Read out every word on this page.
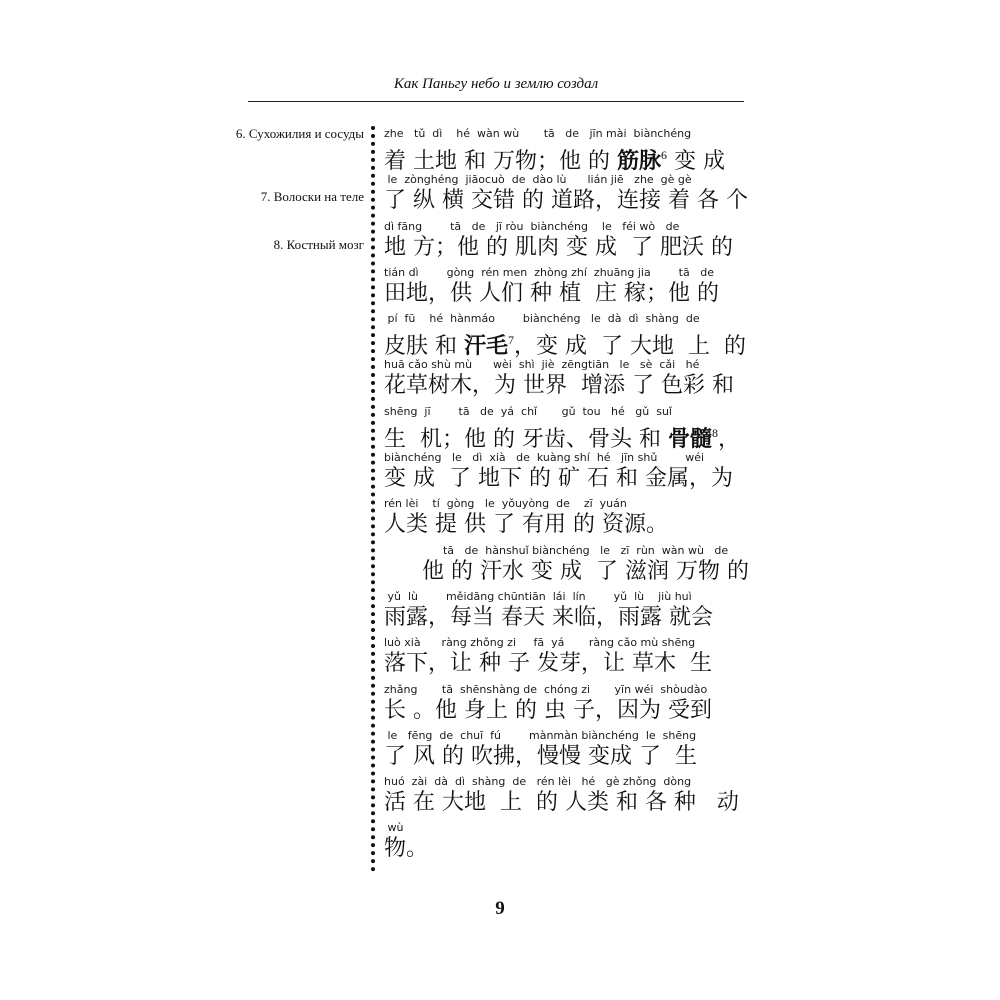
Как Паньгу небо и землю создал
6. Сухожилия и сосуды
7. Волоски на теле
8. Костный мозг
zhe   tǔ  dì    hé  wàn wù       tā   de   jīn mài  biànchéng
着 土地 和 万物；他 的 筋脉$^6$ 变 成
le  zònghéng  jiāocuò  de  dào lù      lián jiē   zhe  gè gè
了 纵 横 交错 的 道路，连接 着 各 个
dì fāng        tā   de   jī ròu  biànchéng    le   féi wò   de
地 方；他 的 肌肉 变 成  了 肥沃 的
tián dì        gòng  rén men  zhòng zhí  zhuāng jia        tā   de
田地，供 人们 种 植  庄 稼；他 的
pí  fū    hé  hànmáo        biànchéng   le  dà  dì  shàng  de
皮肤 和 汗毛$^7$，变 成  了 大地  上  的
huā cǎo shù mù      wèi  shì  jiè  zēngtiān   le   sè  cǎi   hé
花草树木，为 世界  增添 了 色彩 和
shēng  jī        tā   de  yá  chǐ       gǔ  tou   hé   gǔ  suǐ
生  机；他 的 牙齿、骨头 和 骨髓$^8$，
biànchéng   le   dì  xià   de  kuàng shí  hé   jīn shǔ        wéi
变 成  了 地下 的 矿 石 和 金属，为
rén lèi    tí  gòng   le  yǒuyòng  de    zī  yuán
人类 提 供 了 有用 的 资源。
tā   de  hànshuǐ biànchéng   le   zī  rùn  wàn wù   de
他 的 汗水 变 成  了 滋润 万物 的
yǔ  lù        měidāng chūntiān  lái  lín        yǔ  lù    jiù huì
雨露，每当 春天 来临，雨露 就会
luò xià      ràng zhǒng zi     fā  yá       ràng cǎo mù shēng
落下，让 种 子 发芽，让 草木  生
zhǎng       tā  shēnshàng de  chóng zi       yīn wéi  shòudào
长 。他 身上 的 虫 子，因为 受到
le   fēng  de  chuī  fú        mànmàn biànchéng  le  shēng
了 风 的 吹拂，慢慢 变成 了  生
huó  zài  dà  dì  shàng  de   rén lèi   hé   gè zhǒng  dòng
活 在 大地  上  的 人类 和 各 种   动
wù
物。
9
